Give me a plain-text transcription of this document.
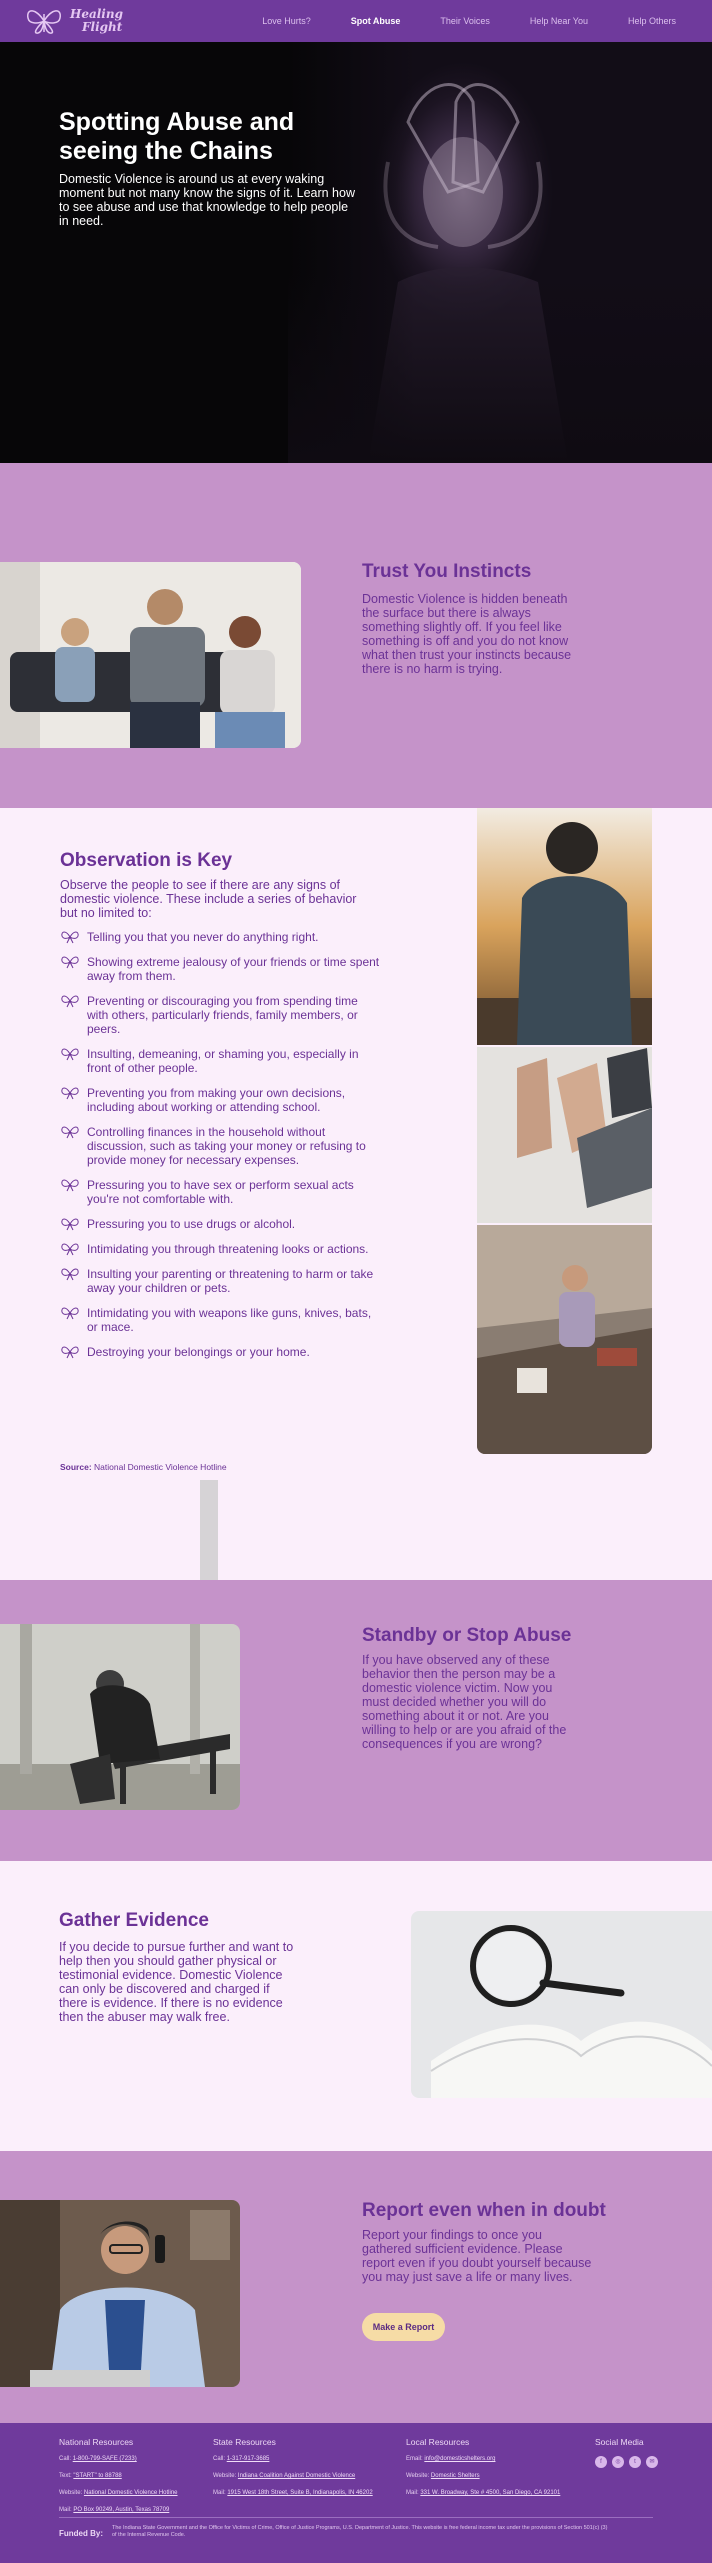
Healing
Flight	Love Hurts?	Spot Abuse	Their Voices	Help Near You	Help Others
Spotting Abuse and seeing the Chains

Domestic Violence is around us at every waking moment but not many know the signs of it. Learn how to see abuse and use that knowledge to help people in need.

Trust You Instincts

Domestic Violence is hidden beneath the surface but there is always something slightly off. If you feel like something is off and you do not know what then trust your instincts because there is no harm is trying.

Observation is Key

Observe the people to see if there are any signs of domestic violence. These include a series of behavior but no limited to:

Telling you that you never do anything right.
Showing extreme jealousy of your friends or time spent away from them.
Preventing or discouraging you from spending time with others, particularly friends, family members, or peers.
Insulting, demeaning, or shaming you, especially in front of other people.
Preventing you from making your own decisions, including about working or attending school.
Controlling finances in the household without discussion, such as taking your money or refusing to provide money for necessary expenses.
Pressuring you to have sex or perform sexual acts you're not comfortable with.
Pressuring you to use drugs or alcohol.
Intimidating you through threatening looks or actions.
Insulting your parenting or threatening to harm or take away your children or pets.
Intimidating you with weapons like guns, knives, bats, or mace.
Destroying your belongings or your home.
Source: National Domestic Violence Hotline
Standby or Stop Abuse

If you have observed any of these behavior then the person may be a domestic violence victim. Now you must decided whether you will do something about it or not. Are you willing to help or are you afraid of the consequences if you are wrong?

Gather Evidence

If you decide to pursue further and want to help then you should gather physical or testimonial evidence. Domestic Violence can only be discovered and charged if there is evidence. If there is no evidence then the abuser may walk free.

Report even when in doubt

Report your findings to once you gathered sufficient evidence. Please report even if you doubt yourself because you may just save a life or many lives.

Make a Report
National Resources
Call: 1-800-799-SAFE (7233)
Text: "START" to 88788
Website: National Domestic Violence Hotline
Mail: PO Box 90249, Austin, Texas 78709
State Resources
Call: 1-317-917-3685
Website: Indiana Coalition Against Domestic Violence
Mail: 1915 West 18th Street, Suite B, Indianapolis, IN 46202
Local Resources
Email: info@domesticshelters.org
Website: Domestic Shelters
Mail: 331 W. Broadway, Ste # 4500, San Diego, CA 92101
Social Media
f	◎	t	✉
Funded By:
The Indiana State Government and the Office for Victims of Crime, Office of Justice Programs, U.S. Department of Justice. This website is free federal income tax under the provisions of Section 501(c) (3) of the Internal Revenue Code.
